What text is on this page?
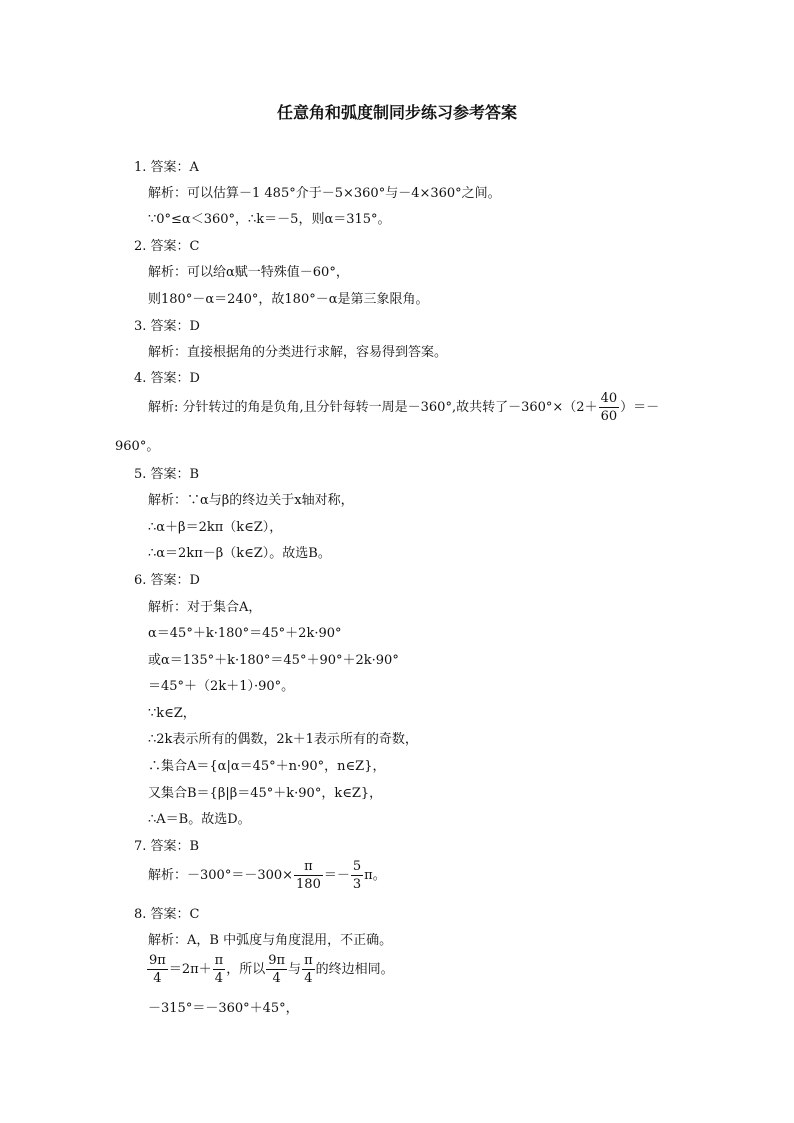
任意角和弧度制同步练习参考答案
1. 答案：A
解析：可以估算－1 485°介于－5×360°与－4×360°之间。
∵0°≤α＜360°，∴k＝－5，则α＝315°。
2. 答案：C
解析：可以给α赋一特殊值－60°，
则180°－α＝240°，故180°－α是第三象限角。
3. 答案：D
解析：直接根据角的分类进行求解，容易得到答案。
4. 答案：D
解析: 分针转过的角是负角,且分针每转一周是－360°,故共转了$-360^\circ\times(2+ \frac{40}{60}$ ）＝－
960°。
5. 答案：B
解析：∵α与β的终边关于x轴对称，
∴α＋β＝2kπ（k∈Z），
∴α＝2kπ－β（k∈Z）。故选B。
6. 答案：D
解析：对于集合A，
α＝45°＋k·180°＝45°＋2k·90°
或α＝135°＋k·180°＝45°＋90°＋2k·90°
＝45°＋（2k＋1）·90°。
∵k∈Z，
∴2k表示所有的偶数，2k＋1表示所有的奇数，
∴集合A＝{α|α＝45°＋n·90°，n∈Z}，
又集合B＝{β|β＝45°＋k·90°，k∈Z}，
∴A＝B。故选D。
7. 答案：B
解析：$-300^\circ=-300\times \frac{\pi}{180} =- \frac{5}{3}$ π。
8. 答案：C
解析：A，B 中弧度与角度混用，不正确。
$\frac{9\pi}{4} =2\pi+ \frac{\pi}{4}$ ，所以 $\frac{9\pi}{4}$ 与 $\frac{\pi}{4}$ 的终边相同。
－315°＝－360°＋45°，
